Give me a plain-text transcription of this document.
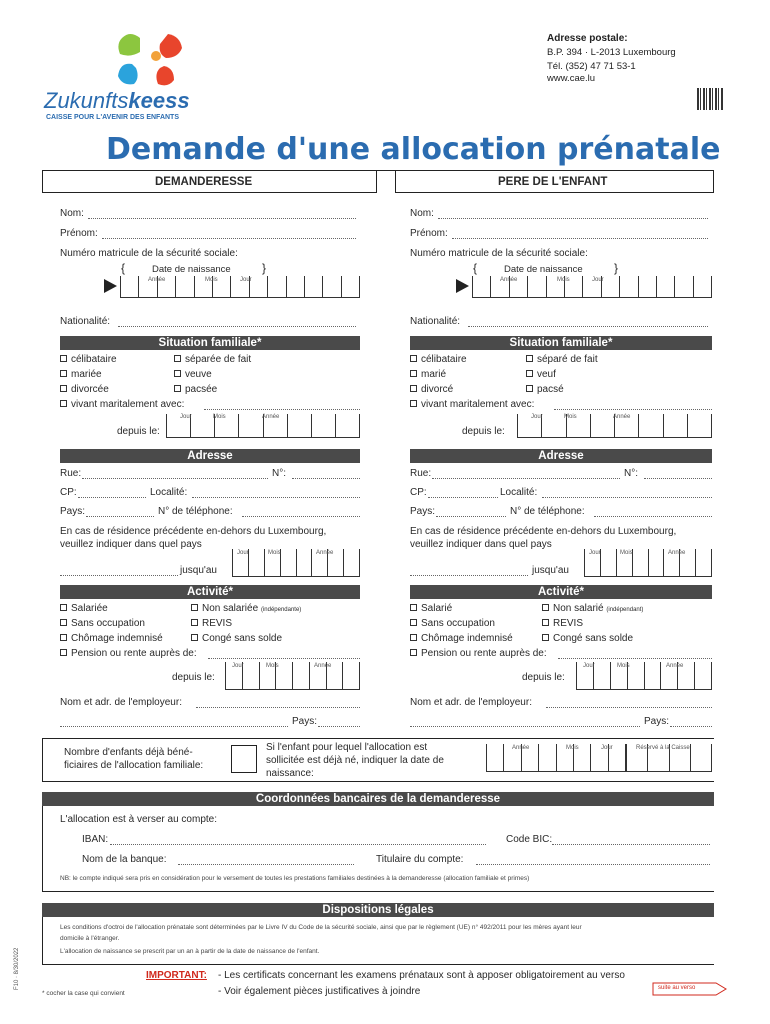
Zukunftskeess
CAISSE POUR L'AVENIR DES ENFANTS
Adresse postale:
B.P. 394 · L-2013 Luxembourg
Tél. (352) 47 71 53-1
www.cae.lu
Demande d'une allocation prénatale
F10 · 8/30/2022
DEMANDERESSE
Nom:
Prénom:
Numéro matricule de la sécurité sociale:
Date de naissance
{	}
Année	Mois	Jour
Nationalité:
Situation familiale*
célibataire
mariée
divorcée
séparée de fait
veuve
pacsée
vivant maritalement avec:
depuis le:
Jour	Mois	Année
Adresse
Rue:	N°:
CP:	Localité:
Pays:	N° de téléphone:
En cas de résidence précédente en-dehors du Luxembourg,
veuillez indiquer dans quel pays
Jour	Mois	Année
jusqu'au
Activité*
Salariée
Sans occupation
Chômage indemnisé
Non salariée (indépendante)
REVIS
Congé sans solde
Pension ou rente auprès de:
Jour	Mois	Année
depuis le:
Nom et adr. de l'employeur:
Pays:
PERE DE L'ENFANT
Nom:
Prénom:
Numéro matricule de la sécurité sociale:
Date de naissance
{	}
Année	Mois	Jour
Nationalité:
Situation familiale*
célibataire
marié
divorcé
séparé de fait
veuf
pacsé
vivant maritalement avec:
depuis le:
Jour	Mois	Année
Adresse
Rue:	N°:
CP:	Localité:
Pays:	N° de téléphone:
En cas de résidence précédente en-dehors du Luxembourg,
veuillez indiquer dans quel pays
Jour	Mois	Année
jusqu'au
Activité*
Salarié
Sans occupation
Chômage indemnisé
Non salarié (indépendant)
REVIS
Congé sans solde
Pension ou rente auprès de:
Jour	Mois	Année
depuis le:
Nom et adr. de l'employeur:
Pays:
Nombre d'enfants déjà béné-
ficiaires de l'allocation familiale:
Si l'enfant pour lequel l'allocation est
sollicitée est déjà né, indiquer la date de
naissance:
Année	Mois	Jour	Réservé à la Caisse
Coordonnées bancaires de la demanderesse
L'allocation est à verser au compte:
IBAN:	Code BIC:
Nom de la banque:	Titulaire du compte:
NB: le compte indiqué sera pris en considération pour le versement de toutes les prestations familiales destinées à la demanderesse (allocation familiale et primes)
Dispositions légales
Les conditions d'octroi de l'allocation prénatale sont déterminées par le Livre IV du Code de la sécurité sociale, ainsi que par le règlement (UE) n° 492/2011 pour les mères ayant leur
domicile à l'étranger.
L'allocation de naissance se prescrit par un an à partir de la date de naissance de l'enfant.
IMPORTANT: - Les certificats concernant les examens prénataux sont à apposer obligatoirement au verso
- Voir également pièces justificatives à joindre
* cocher la case qui convient
suite au verso
